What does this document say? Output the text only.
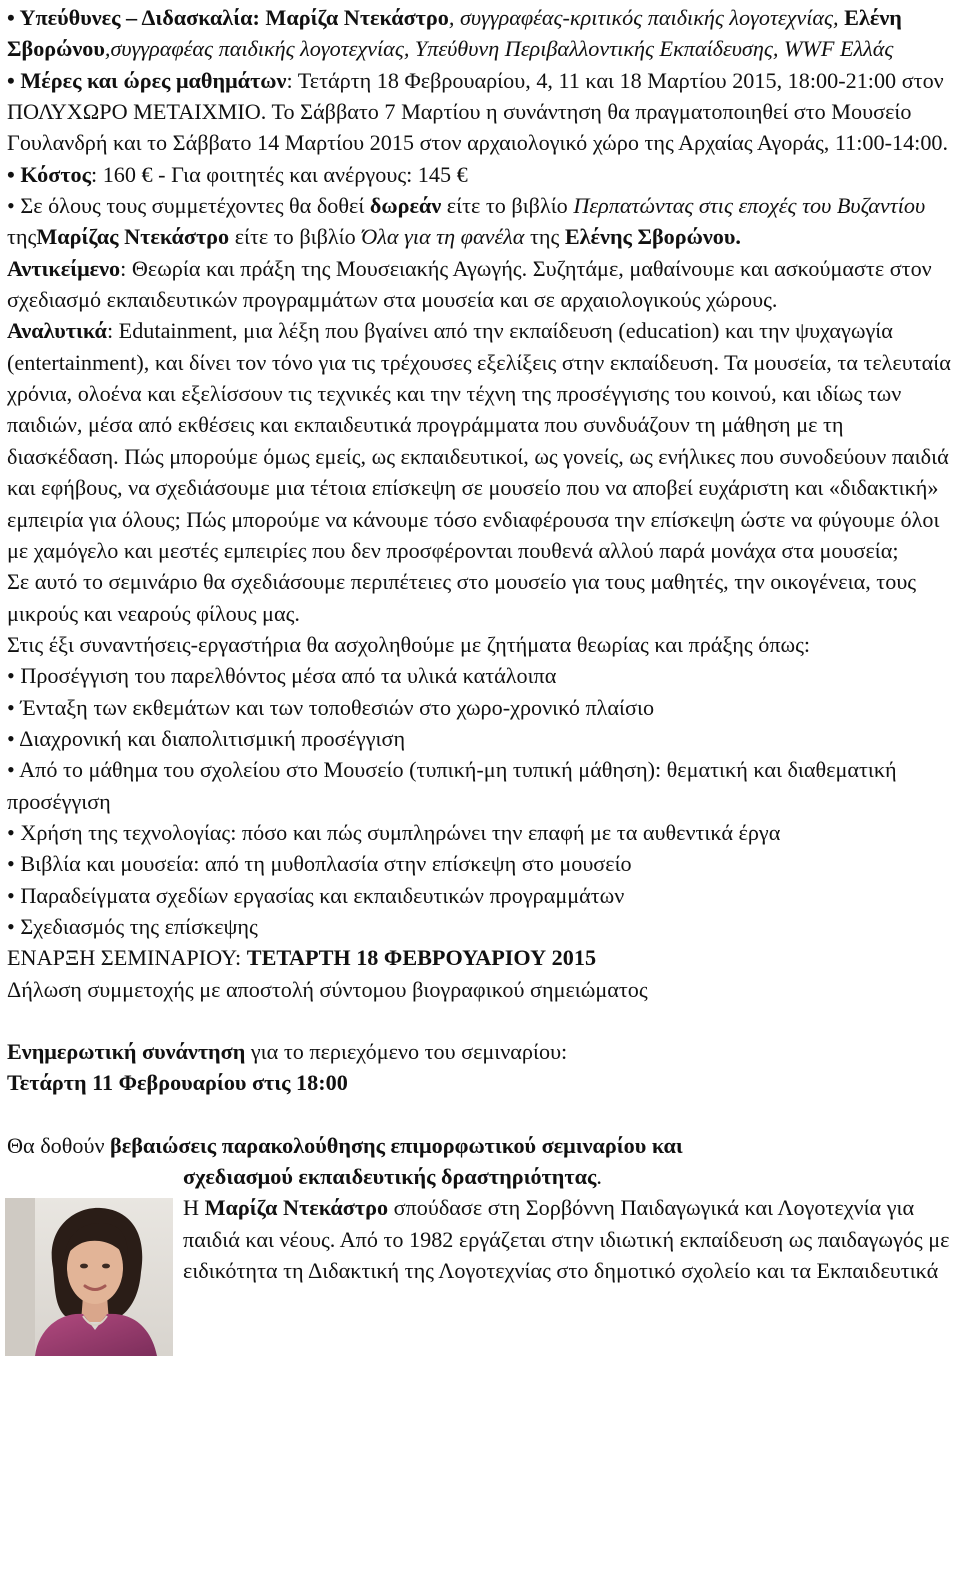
• Υπεύθυνες – Διδασκαλία: Μαρίζα Ντεκάστρο, συγγραφέας-κριτικός παιδικής λογοτεχνίας, Ελένη Σβορώνου,συγγραφέας παιδικής λογοτεχνίας, Υπεύθυνη Περιβαλλοντικής Εκπαίδευσης, WWF Ελλάς

• Μέρες και ώρες μαθημάτων: Τετάρτη 18 Φεβρουαρίου, 4, 11 και 18 Μαρτίου 2015, 18:00-21:00 στον ΠΟΛΥΧΩΡΟ ΜΕΤΑΙΧΜΙΟ. Το Σάββατο 7 Μαρτίου η συνάντηση θα πραγματοποιηθεί στο Μουσείο Γουλανδρή και το Σάββατο 14 Μαρτίου 2015 στον αρχαιολογικό χώρο της Αρχαίας Αγοράς, 11:00-14:00.

• Κόστος: 160 € - Για φοιτητές και ανέργους: 145 €

• Σε όλους τους συμμετέχοντες θα δοθεί δωρεάν είτε το βιβλίο Περπατώντας στις εποχές του Βυζαντίου τηςΜαρίζας Ντεκάστρο είτε το βιβλίο Όλα για τη φανέλα της Ελένης Σβορώνου.

Αντικείμενο: Θεωρία και πράξη της Μουσειακής Αγωγής. Συζητάμε, μαθαίνουμε και ασκούμαστε στον σχεδιασμό εκπαιδευτικών προγραμμάτων στα μουσεία και σε αρχαιολογικούς χώρους.

Αναλυτικά: Edutainment, μια λέξη που βγαίνει από την εκπαίδευση (education) και την ψυχαγωγία (entertainment), και δίνει τον τόνο για τις τρέχουσες εξελίξεις στην εκπαίδευση. Τα μουσεία, τα τελευταία χρόνια, ολοένα και εξελίσσουν τις τεχνικές και την τέχνη της προσέγγισης του κοινού, και ιδίως των παιδιών, μέσα από εκθέσεις και εκπαιδευτικά προγράμματα που συνδυάζουν τη μάθηση με τη διασκέδαση. Πώς μπορούμε όμως εμείς, ως εκπαιδευτικοί, ως γονείς, ως ενήλικες που συνοδεύουν παιδιά και εφήβους, να σχεδιάσουμε μια τέτοια επίσκεψη σε μουσείο που να αποβεί ευχάριστη και «διδακτική» εμπειρία για όλους; Πώς μπορούμε να κάνουμε τόσο ενδιαφέρουσα την επίσκεψη ώστε να φύγουμε όλοι με χαμόγελο και μεστές εμπειρίες που δεν προσφέρονται πουθενά αλλού παρά μονάχα στα μουσεία;

Σε αυτό το σεμινάριο θα σχεδιάσουμε περιπέτειες στο μουσείο για τους μαθητές, την οικογένεια, τους μικρούς και νεαρούς φίλους μας.

Στις έξι συναντήσεις-εργαστήρια θα ασχοληθούμε με ζητήματα θεωρίας και πράξης όπως:

• Προσέγγιση του παρελθόντος μέσα από τα υλικά κατάλοιπα

• Ένταξη των εκθεμάτων και των τοποθεσιών στο χωρο-χρονικό πλαίσιο

• Διαχρονική και διαπολιτισμική προσέγγιση

• Από το μάθημα του σχολείου στο Μουσείο (τυπική-μη τυπική μάθηση): θεματική και διαθεματική προσέγγιση

• Χρήση της τεχνολογίας: πόσο και πώς συμπληρώνει την επαφή με τα αυθεντικά έργα

• Βιβλία και μουσεία: από τη μυθοπλασία στην επίσκεψη στο μουσείο

• Παραδείγματα σχεδίων εργασίας και εκπαιδευτικών προγραμμάτων

• Σχεδιασμός της επίσκεψης

ΕΝΑΡΞΗ ΣΕΜΙΝΑΡΙΟΥ: ΤΕΤΑΡΤΗ 18 ΦΕΒΡΟΥΑΡΙΟΥ 2015

Δήλωση συμμετοχής με αποστολή σύντομου βιογραφικού σημειώματος

Ενημερωτική συνάντηση για το περιεχόμενο του σεμιναρίου:

Τετάρτη 11 Φεβρουαρίου στις 18:00

Θα δοθούν βεβαιώσεις παρακολούθησης επιμορφωτικού σεμιναρίου και

σχεδιασμού εκπαιδευτικής δραστηριότητας.

Η Μαρίζα Ντεκάστρο σπούδασε στη Σορβόννη Παιδαγωγικά και Λογοτεχνία για παιδιά και νέους. Από το 1982 εργάζεται στην ιδιωτική εκπαίδευση ως παιδαγωγός με ειδικότητα τη Διδακτική της Λογοτεχνίας στο δημοτικό σχολείο και τα Εκπαιδευτικά
